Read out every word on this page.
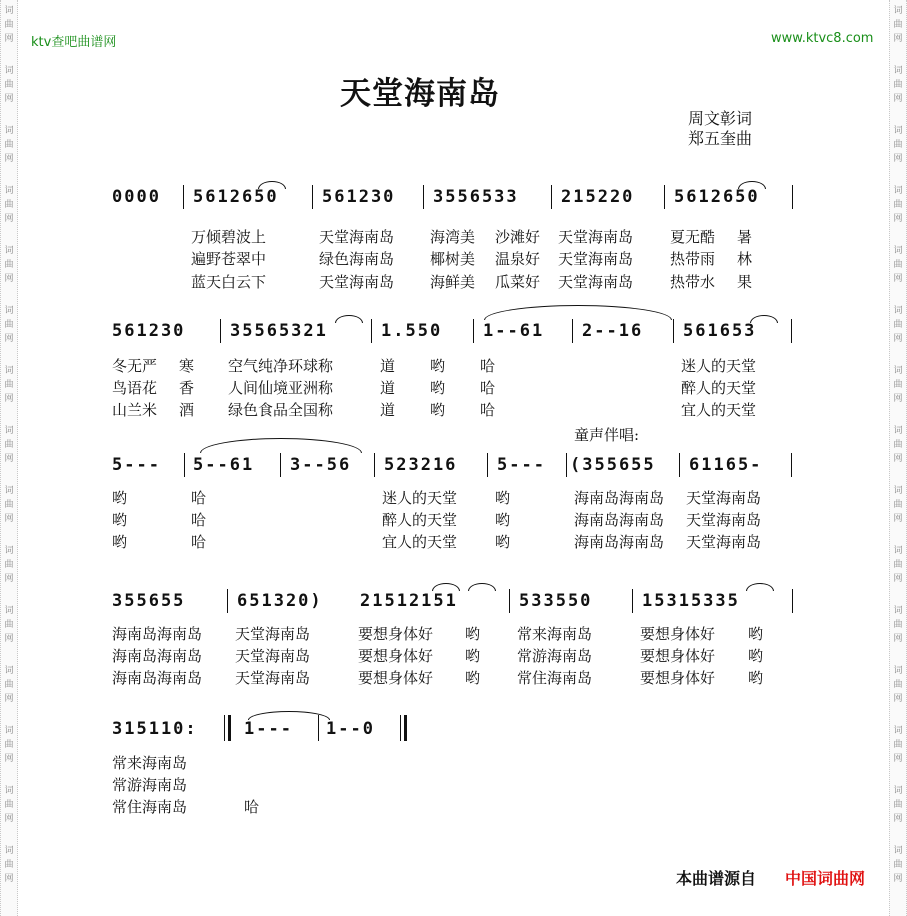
词
曲
网
词
曲
网
词
曲
网
词
曲
网
词
曲
网
词
曲
网
词
曲
网
词
曲
网
词
曲
网
词
曲
网
词
曲
网
词
曲
网
词
曲
网
词
曲
网
词
曲
网
词
曲
网
词
曲
网
词
曲
网
词
曲
网
词
曲
网
词
曲
网
词
曲
网
词
曲
网
词
曲
网
词
曲
网
词
曲
网
词
曲
网
词
曲
网
词
曲
网
词
曲
网
ktv查吧曲谱网	www.ktvc8.com
天堂海南岛
周文彰词
郑五奎曲
0000 5612650	561230 3556533 215220 5612650
万倾碧波上	天堂海南岛 海湾美 沙滩好 天堂海南岛 夏无酷 暑
遍野苍翠中	绿色海南岛 椰树美 温泉好 天堂海南岛 热带雨 林
蓝天白云下	天堂海南岛 海鲜美 瓜菜好 天堂海南岛 热带水 果
561230	35565321	1.550 1--61 2--16 561653
冬无严 寒 空气纯净环球称	道 哟 哈	迷人的天堂
鸟语花 香 人间仙境亚洲称	道 哟 哈	醉人的天堂
山兰米 酒 绿色食品全国称	道 哟 哈	宜人的天堂
童声伴唱:
5--- 5--61 3--56 523216 5--- (355655 61165-
哟	哈	迷人的天堂	哟	海南岛海南岛 天堂海南岛
哟	哈	醉人的天堂	哟	海南岛海南岛 天堂海南岛
哟	哈	宜人的天堂	哟	海南岛海南岛 天堂海南岛
355655	651320) 21512151	533550	15315335
海南岛海南岛 天堂海南岛	要想身体好 哟 常来海南岛	要想身体好 哟
海南岛海南岛 天堂海南岛	要想身体好 哟 常游海南岛	要想身体好 哟
海南岛海南岛 天堂海南岛	要想身体好 哟 常住海南岛	要想身体好 哟
315110:	1--- 1--0
常来海南岛
常游海南岛
常住海南岛	哈
本曲谱源自 中国词曲网
